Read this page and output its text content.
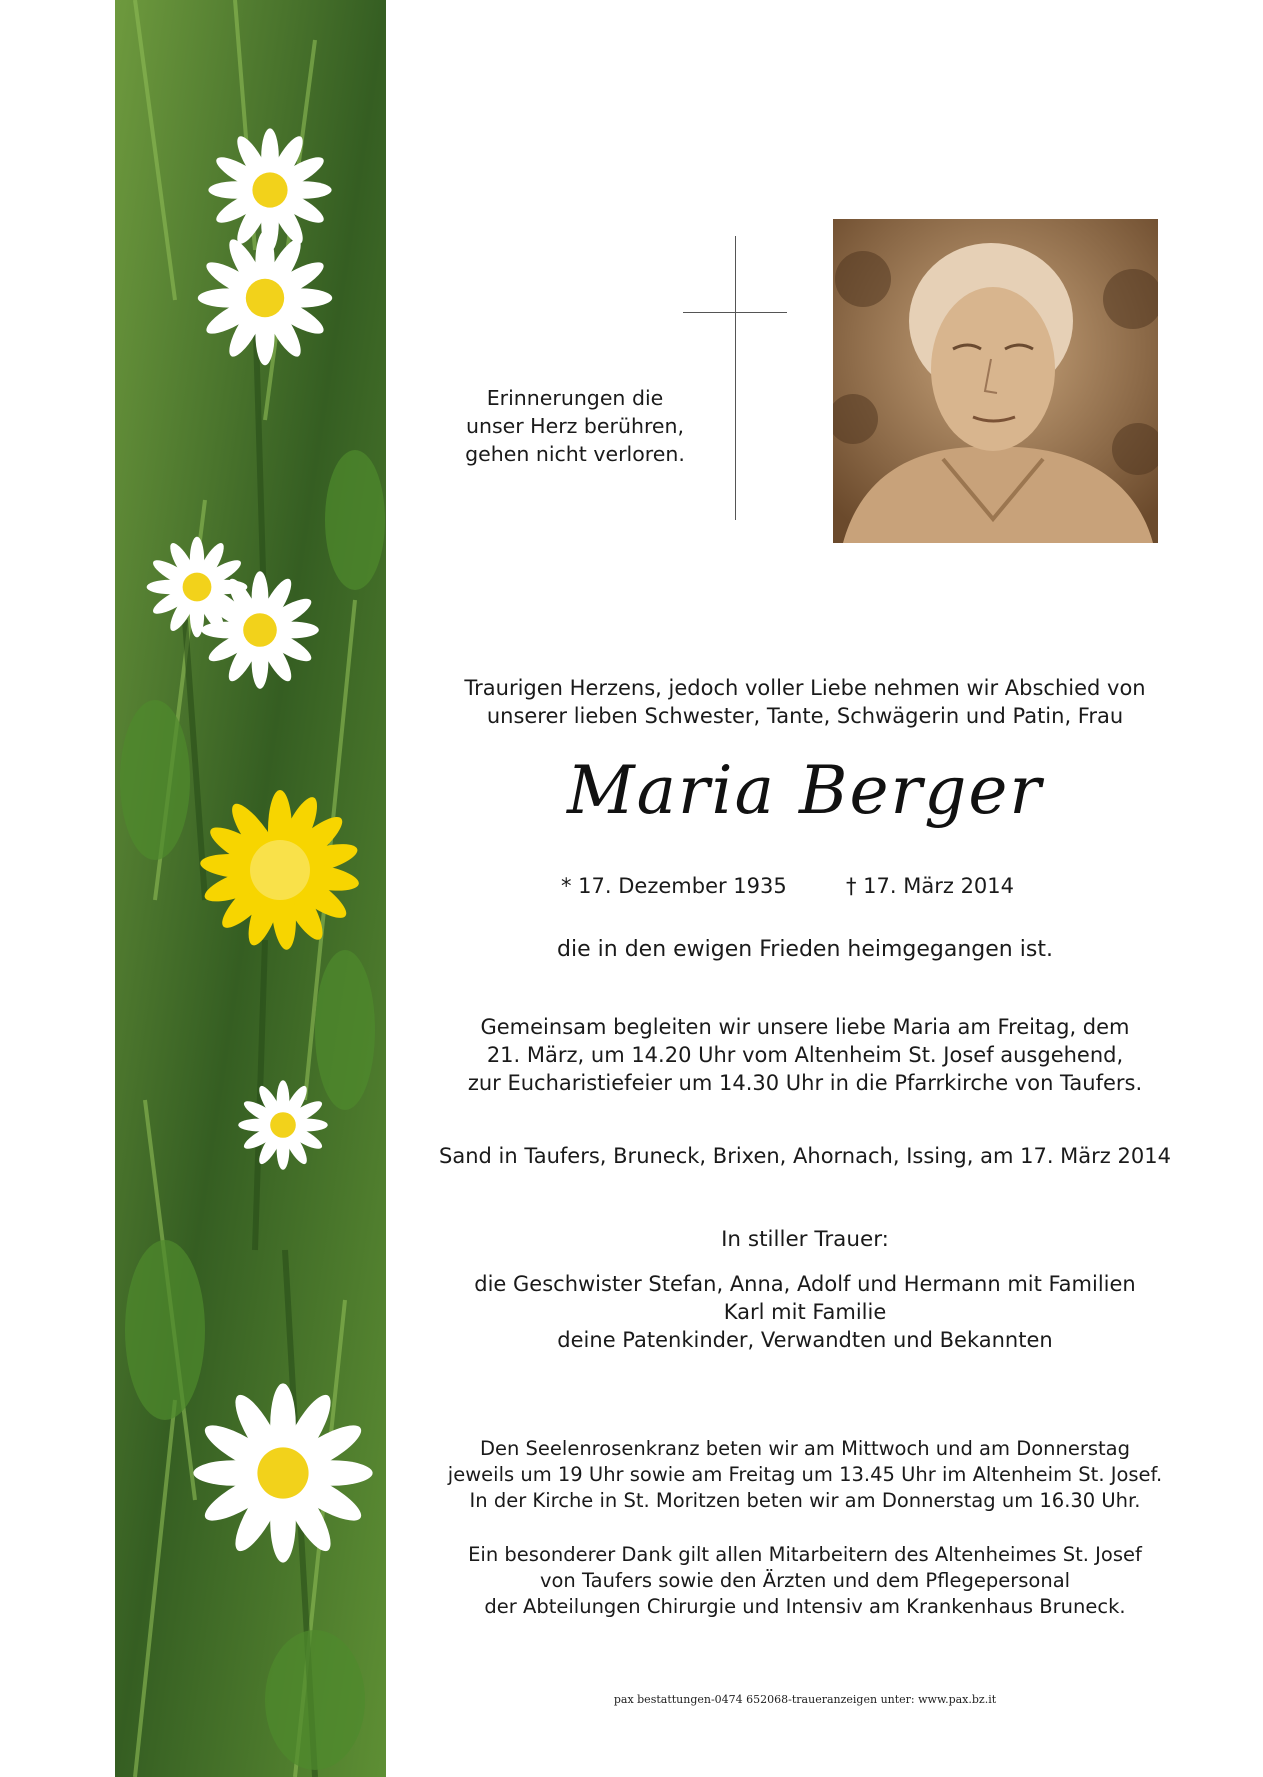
Erinnerungen die
unser Herz berühren,
gehen nicht verloren.
Traurigen Herzens, jedoch voller Liebe nehmen wir Abschied von
unserer lieben Schwester, Tante, Schwägerin und Patin, Frau
Maria Berger
* 17. Dezember 1935	† 17. März 2014
die in den ewigen Frieden heimgegangen ist.
Gemeinsam begleiten wir unsere liebe Maria am Freitag, dem
21. März, um 14.20 Uhr vom Altenheim St. Josef ausgehend,
zur Eucharistiefeier um 14.30 Uhr in die Pfarrkirche von Taufers.
Sand in Taufers, Bruneck, Brixen, Ahornach, Issing, am 17. März 2014
In stiller Trauer:
die Geschwister Stefan, Anna, Adolf und Hermann mit Familien
Karl mit Familie
deine Patenkinder, Verwandten und Bekannten
Den Seelenrosenkranz beten wir am Mittwoch und am Donnerstag
jeweils um 19 Uhr sowie am Freitag um 13.45 Uhr im Altenheim St. Josef.
In der Kirche in St. Moritzen beten wir am Donnerstag um 16.30 Uhr.
Ein besonderer Dank gilt allen Mitarbeitern des Altenheimes St. Josef
von Taufers sowie den Ärzten und dem Pflegepersonal
der Abteilungen Chirurgie und Intensiv am Krankenhaus Bruneck.
pax bestattungen-0474 652068-traueranzeigen unter: www.pax.bz.it
